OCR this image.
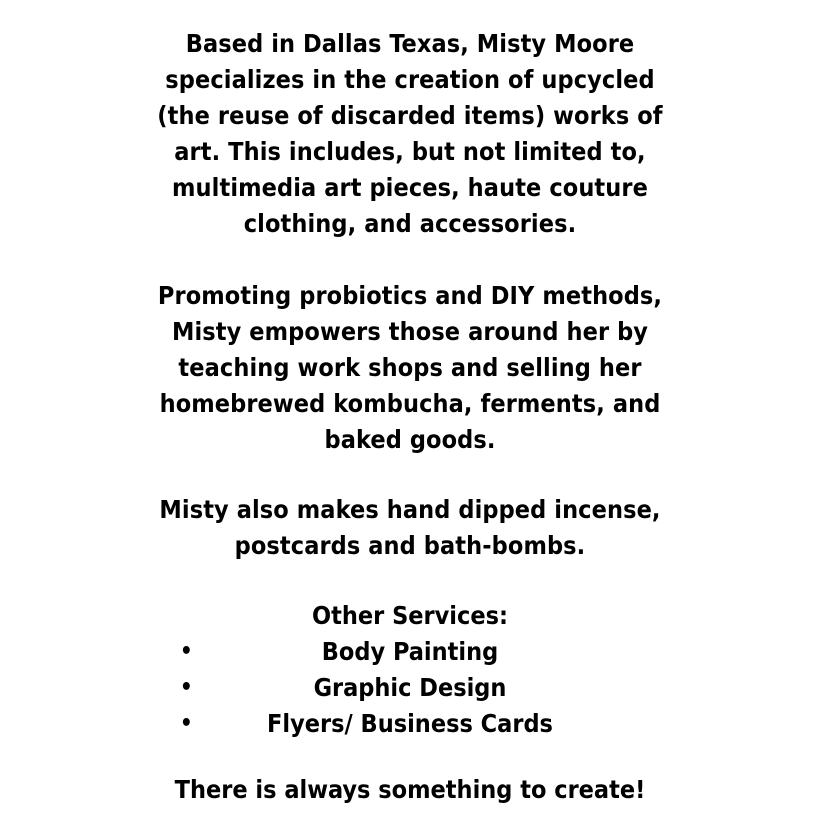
Based in Dallas Texas, Misty Moore specializes in the creation of upcycled (the reuse of discarded items) works of art. This includes, but not limited to, multimedia art pieces, haute couture clothing, and accessories.

Promoting probiotics and DIY methods, Misty empowers those around her by teaching work shops and selling her homebrewed kombucha, ferments, and baked goods.

Misty also makes hand dipped incense, postcards and bath-bombs.

Other Services:

•	Body Painting
•	Graphic Design
•	Flyers/ Business Cards

There is always something to create!
